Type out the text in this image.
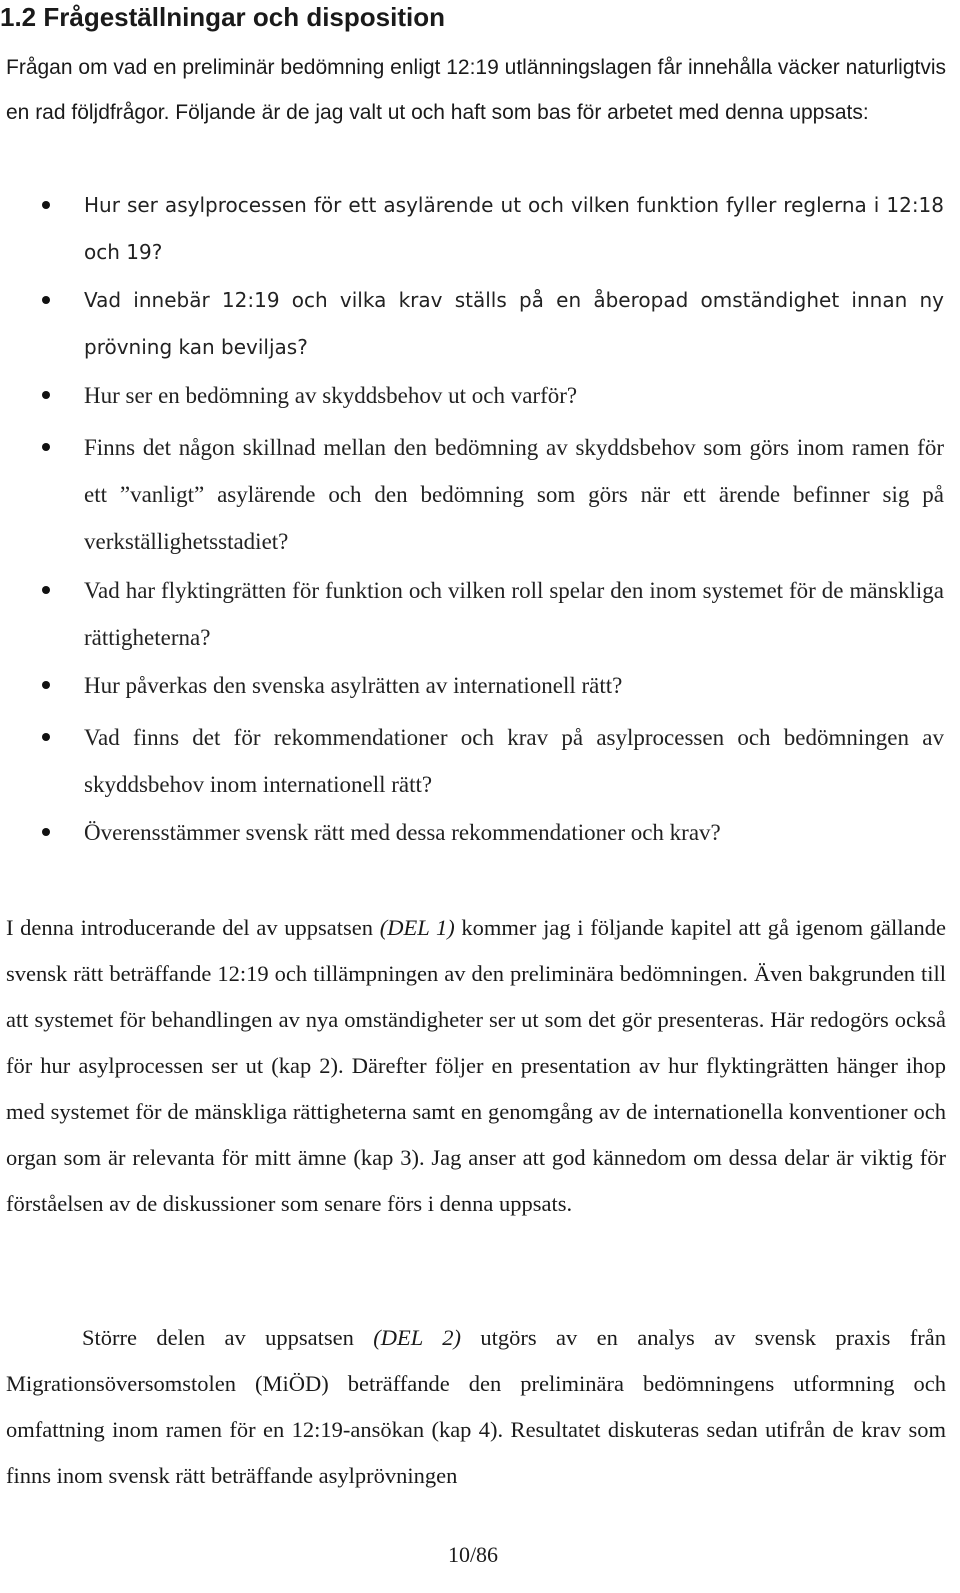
1.2 Frågeställningar och disposition

Frågan om vad en preliminär bedömning enligt 12:19 utlänningslagen får innehålla väcker naturligtvis en rad följdfrågor. Följande är de jag valt ut och haft som bas för arbetet med denna uppsats:

Hur ser asylprocessen för ett asylärende ut och vilken funktion fyller reglerna i 12:18 och 19?
Vad innebär 12:19 och vilka krav ställs på en åberopad omständighet innan ny prövning kan beviljas?
Hur ser en bedömning av skyddsbehov ut och varför?
Finns det någon skillnad mellan den bedömning av skyddsbehov som görs inom ramen för ett ”vanligt” asylärende och den bedömning som görs när ett ärende befinner sig på verkställighetsstadiet?
Vad har flyktingrätten för funktion och vilken roll spelar den inom systemet för de mänskliga rättigheterna?
Hur påverkas den svenska asylrätten av internationell rätt?
Vad finns det för rekommendationer och krav på asylprocessen och bedömningen av skyddsbehov inom internationell rätt?
Överensstämmer svensk rätt med dessa rekommendationer och krav?

I denna introducerande del av uppsatsen (DEL 1) kommer jag i följande kapitel att gå igenom gällande svensk rätt beträffande 12:19 och tillämpningen av den preliminära bedömningen. Även bakgrunden till att systemet för behandlingen av nya omständigheter ser ut som det gör presenteras. Här redogörs också för hur asylprocessen ser ut (kap 2). Därefter följer en presentation av hur flyktingrätten hänger ihop med systemet för de mänskliga rättigheterna samt en genomgång av de internationella konventioner och organ som är relevanta för mitt ämne (kap 3). Jag anser att god kännedom om dessa delar är viktig för förståelsen av de diskussioner som senare förs i denna uppsats.

Större delen av uppsatsen (DEL 2) utgörs av en analys av svensk praxis från Migrationsöversomstolen (MiÖD) beträffande den preliminära bedömningens utformning och omfattning inom ramen för en 12:19-ansökan (kap 4). Resultatet diskuteras sedan utifrån de krav som finns inom svensk rätt beträffande asylprövningen

10/86
